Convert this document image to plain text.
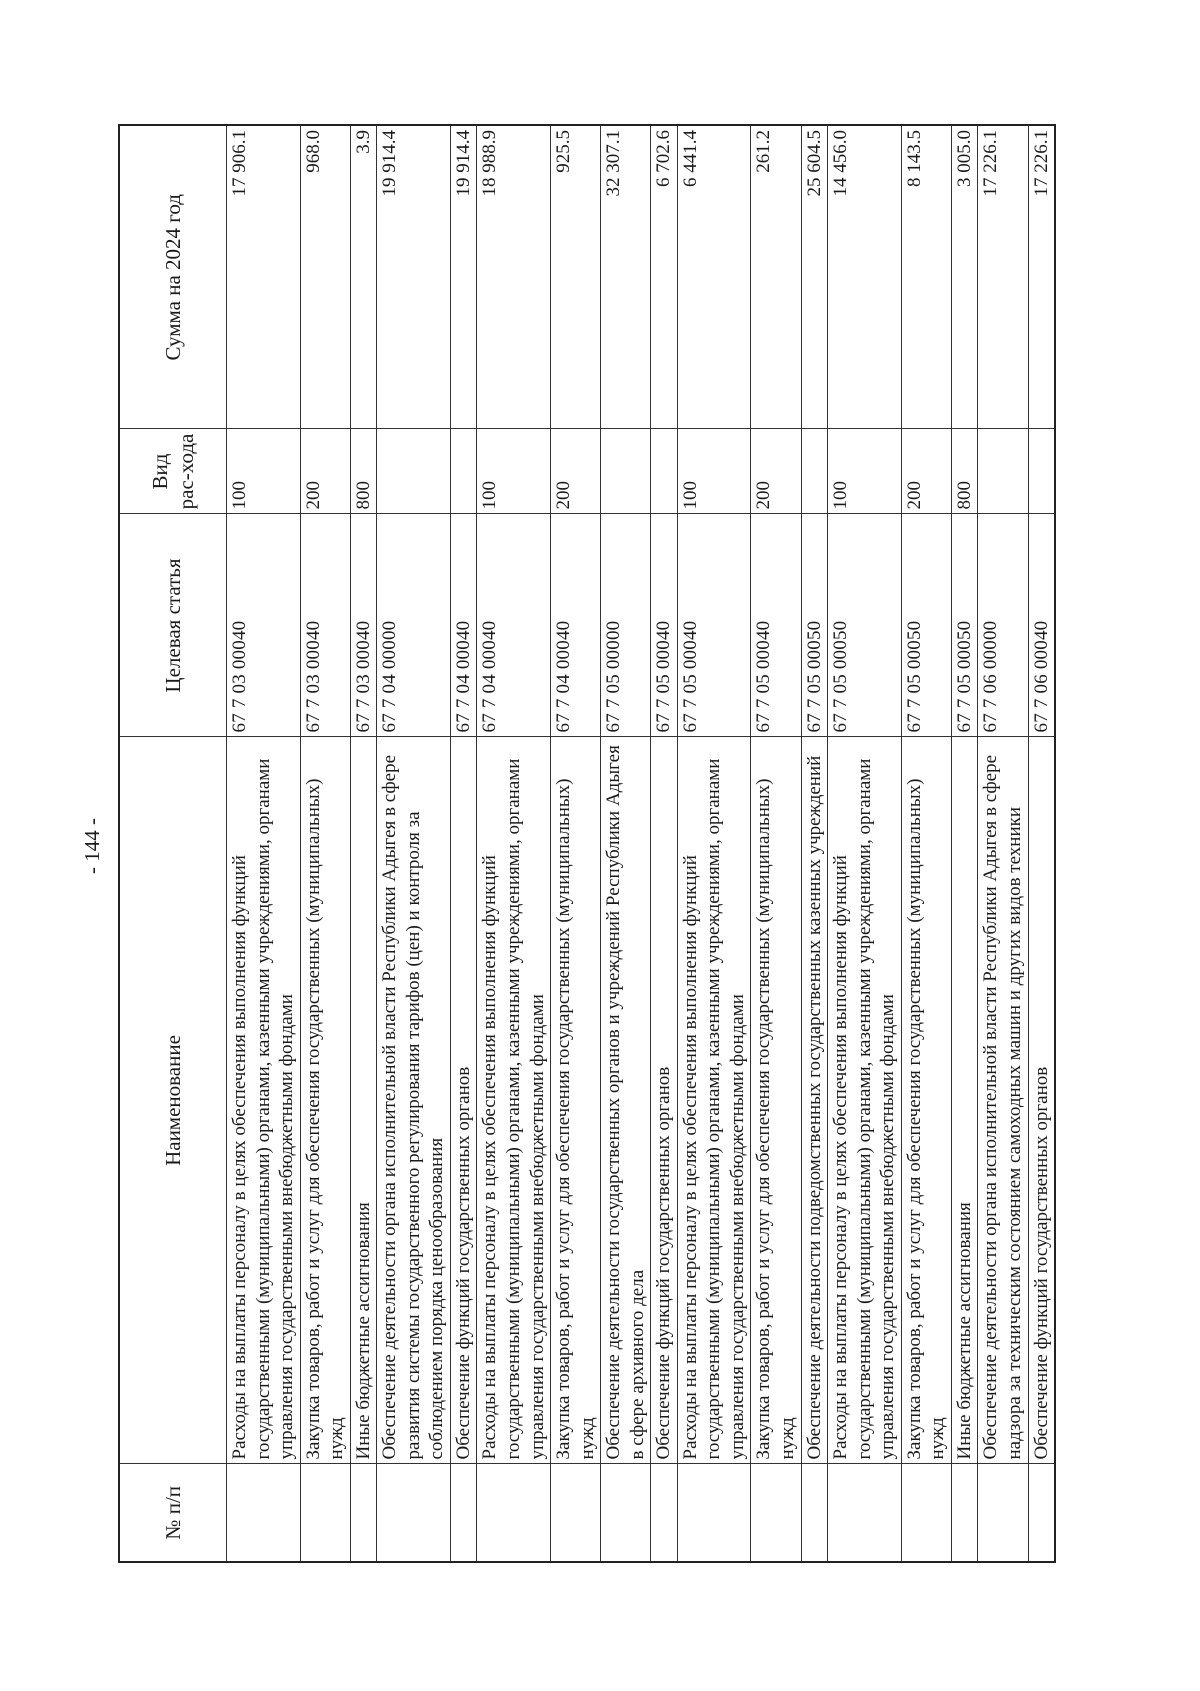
- 144 -
№ п/п	Наименование	Целевая статья	Вид рас-хода	Сумма на 2024 год
	Расходы на выплаты персоналу в целях обеспечения выполнения функций государственными (муниципальными) органами, казенными учреждениями, органами управления государственными внебюджетными фондами	67 7 03 00040	100	17 906.1
	Закупка товаров, работ и услуг для обеспечения государственных (муниципальных) нужд	67 7 03 00040	200	968.0
	Иные бюджетные ассигнования	67 7 03 00040	800	3.9
	Обеспечение деятельности органа исполнительной власти Республики Адыгея в сфере развития системы государственного регулирования тарифов (цен) и контроля за соблюдением порядка ценообразования	67 7 04 00000		19 914.4
	Обеспечение функций государственных органов	67 7 04 00040		19 914.4
	Расходы на выплаты персоналу в целях обеспечения выполнения функций государственными (муниципальными) органами, казенными учреждениями, органами управления государственными внебюджетными фондами	67 7 04 00040	100	18 988.9
	Закупка товаров, работ и услуг для обеспечения государственных (муниципальных) нужд	67 7 04 00040	200	925.5
	Обеспечение деятельности государственных органов и учреждений Республики Адыгея в сфере архивного дела	67 7 05 00000		32 307.1
	Обеспечение функций государственных органов	67 7 05 00040		6 702.6
	Расходы на выплаты персоналу в целях обеспечения выполнения функций государственными (муниципальными) органами, казенными учреждениями, органами управления государственными внебюджетными фондами	67 7 05 00040	100	6 441.4
	Закупка товаров, работ и услуг для обеспечения государственных (муниципальных) нужд	67 7 05 00040	200	261.2
	Обеспечение деятельности подведомственных государственных казенных учреждений	67 7 05 00050		25 604.5
	Расходы на выплаты персоналу в целях обеспечения выполнения функций государственными (муниципальными) органами, казенными учреждениями, органами управления государственными внебюджетными фондами	67 7 05 00050	100	14 456.0
	Закупка товаров, работ и услуг для обеспечения государственных (муниципальных) нужд	67 7 05 00050	200	8 143.5
	Иные бюджетные ассигнования	67 7 05 00050	800	3 005.0
	Обеспечение деятельности органа исполнительной власти Республики Адыгея в сфере надзора за техническим состоянием самоходных машин и других видов техники	67 7 06 00000		17 226.1
	Обеспечение функций государственных органов	67 7 06 00040		17 226.1
